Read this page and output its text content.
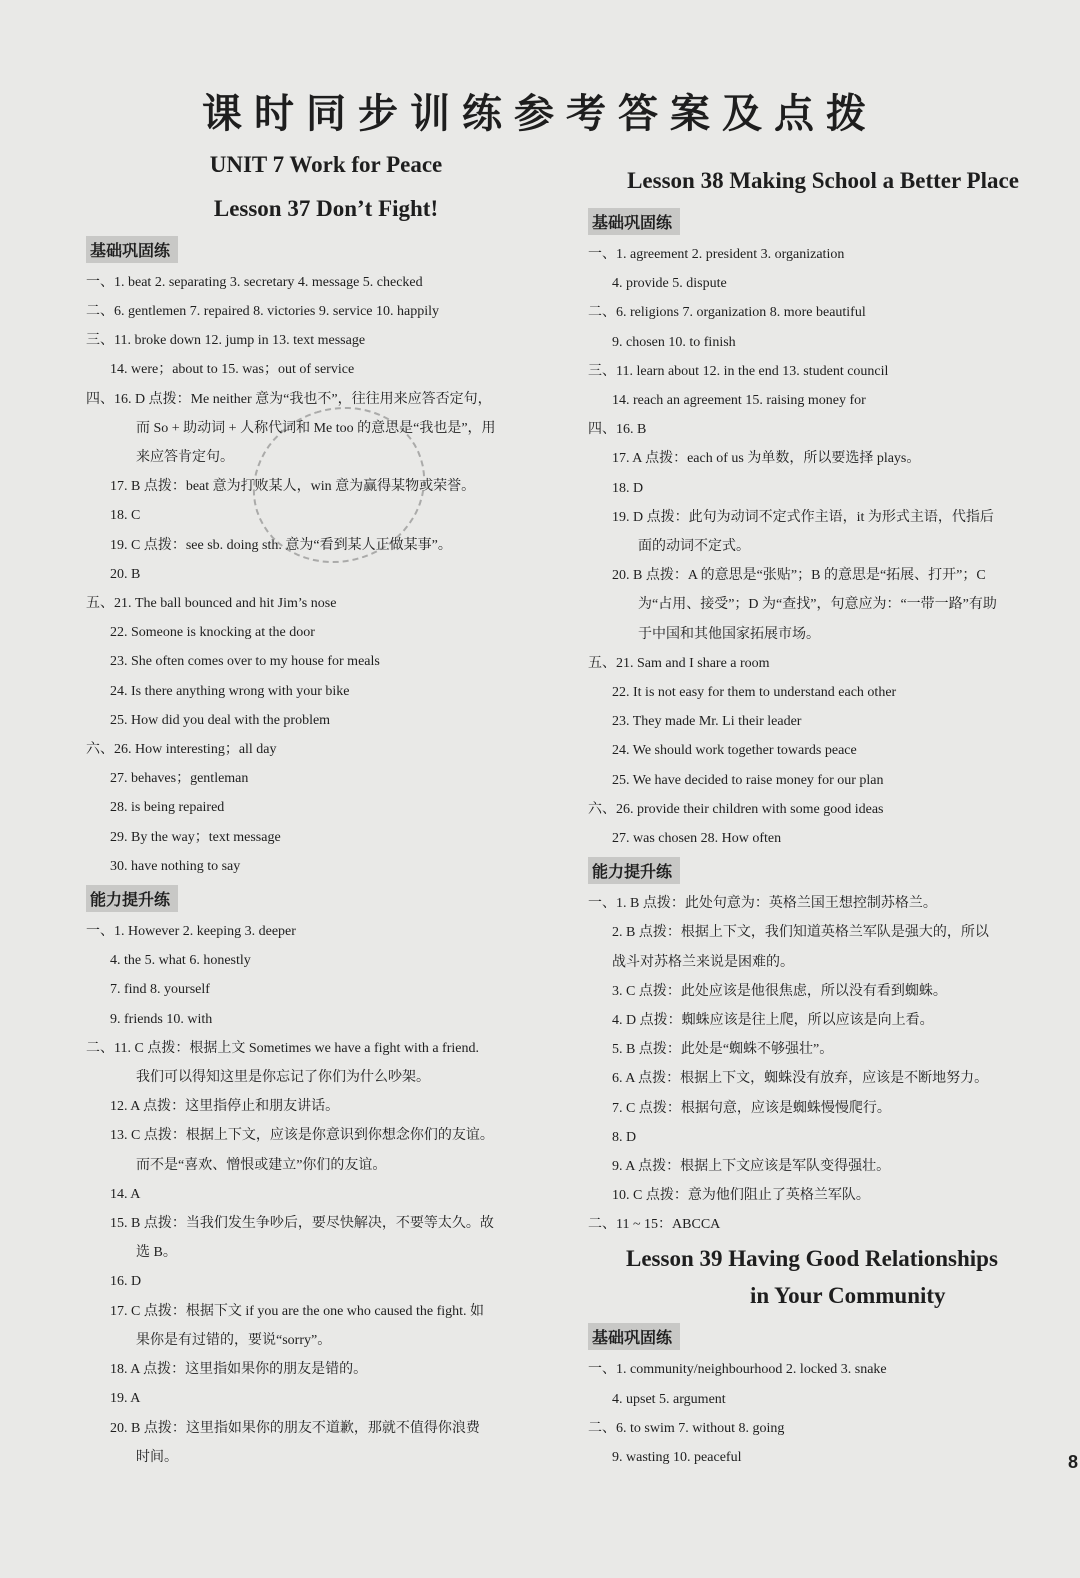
课时同步训练参考答案及点拨
UNIT 7 Work for Peace
Lesson 37 Don’t Fight!
基础巩固练
一、1. beat 2. separating 3. secretary 4. message 5. checked
二、6. gentlemen 7. repaired 8. victories 9. service 10. happily
三、11. broke down 12. jump in 13. text message
14. were；about to 15. was；out of service
四、16. D 点拨：Me neither 意为“我也不”，往往用来应答否定句，
而 So + 助动词 + 人称代词和 Me too 的意思是“我也是”，用
来应答肯定句。
17. B 点拨：beat 意为打败某人，win 意为赢得某物或荣誉。
18. C
19. C 点拨：see sb. doing sth. 意为“看到某人正做某事”。
20. B
五、21. The ball bounced and hit Jim’s nose
22. Someone is knocking at the door
23. She often comes over to my house for meals
24. Is there anything wrong with your bike
25. How did you deal with the problem
六、26. How interesting；all day
27. behaves；gentleman
28. is being repaired
29. By the way；text message
30. have nothing to say
能力提升练
一、1. However 2. keeping 3. deeper
4. the 5. what 6. honestly
7. find 8. yourself
9. friends 10. with
二、11. C 点拨：根据上文 Sometimes we have a fight with a friend.
我们可以得知这里是你忘记了你们为什么吵架。
12. A 点拨：这里指停止和朋友讲话。
13. C 点拨：根据上下文，应该是你意识到你想念你们的友谊。
而不是“喜欢、憎恨或建立”你们的友谊。
14. A
15. B 点拨：当我们发生争吵后，要尽快解决，不要等太久。故
选 B。
16. D
17. C 点拨：根据下文 if you are the one who caused the fight. 如
果你是有过错的，要说“sorry”。
18. A 点拨：这里指如果你的朋友是错的。
19. A
20. B 点拨：这里指如果你的朋友不道歉，那就不值得你浪费
时间。
Lesson 38 Making School a Better Place
基础巩固练
一、1. agreement 2. president 3. organization
4. provide 5. dispute
二、6. religions 7. organization 8. more beautiful
9. chosen 10. to finish
三、11. learn about 12. in the end 13. student council
14. reach an agreement 15. raising money for
四、16. B
17. A 点拨：each of us 为单数，所以要选择 plays。
18. D
19. D 点拨：此句为动词不定式作主语，it 为形式主语，代指后
面的动词不定式。
20. B 点拨：A 的意思是“张贴”；B 的意思是“拓展、打开”；C
为“占用、接受”；D 为“查找”，句意应为：“一带一路”有助
于中国和其他国家拓展市场。
五、21. Sam and I share a room
22. It is not easy for them to understand each other
23. They made Mr. Li their leader
24. We should work together towards peace
25. We have decided to raise money for our plan
六、26. provide their children with some good ideas
27. was chosen 28. How often
能力提升练
一、1. B 点拨：此处句意为：英格兰国王想控制苏格兰。
2. B 点拨：根据上下文，我们知道英格兰军队是强大的，所以
战斗对苏格兰来说是困难的。
3. C 点拨：此处应该是他很焦虑，所以没有看到蜘蛛。
4. D 点拨：蜘蛛应该是往上爬，所以应该是向上看。
5. B 点拨：此处是“蜘蛛不够强壮”。
6. A 点拨：根据上下文，蜘蛛没有放弃，应该是不断地努力。
7. C 点拨：根据句意，应该是蜘蛛慢慢爬行。
8. D
9. A 点拨：根据上下文应该是军队变得强壮。
10. C 点拨：意为他们阻止了英格兰军队。
二、11 ~ 15：ABCCA
Lesson 39 Having Good Relationships
in Your Community
基础巩固练
一、1. community/neighbourhood 2. locked 3. snake
4. upset 5. argument
二、6. to swim 7. without 8. going
9. wasting 10. peaceful	8
